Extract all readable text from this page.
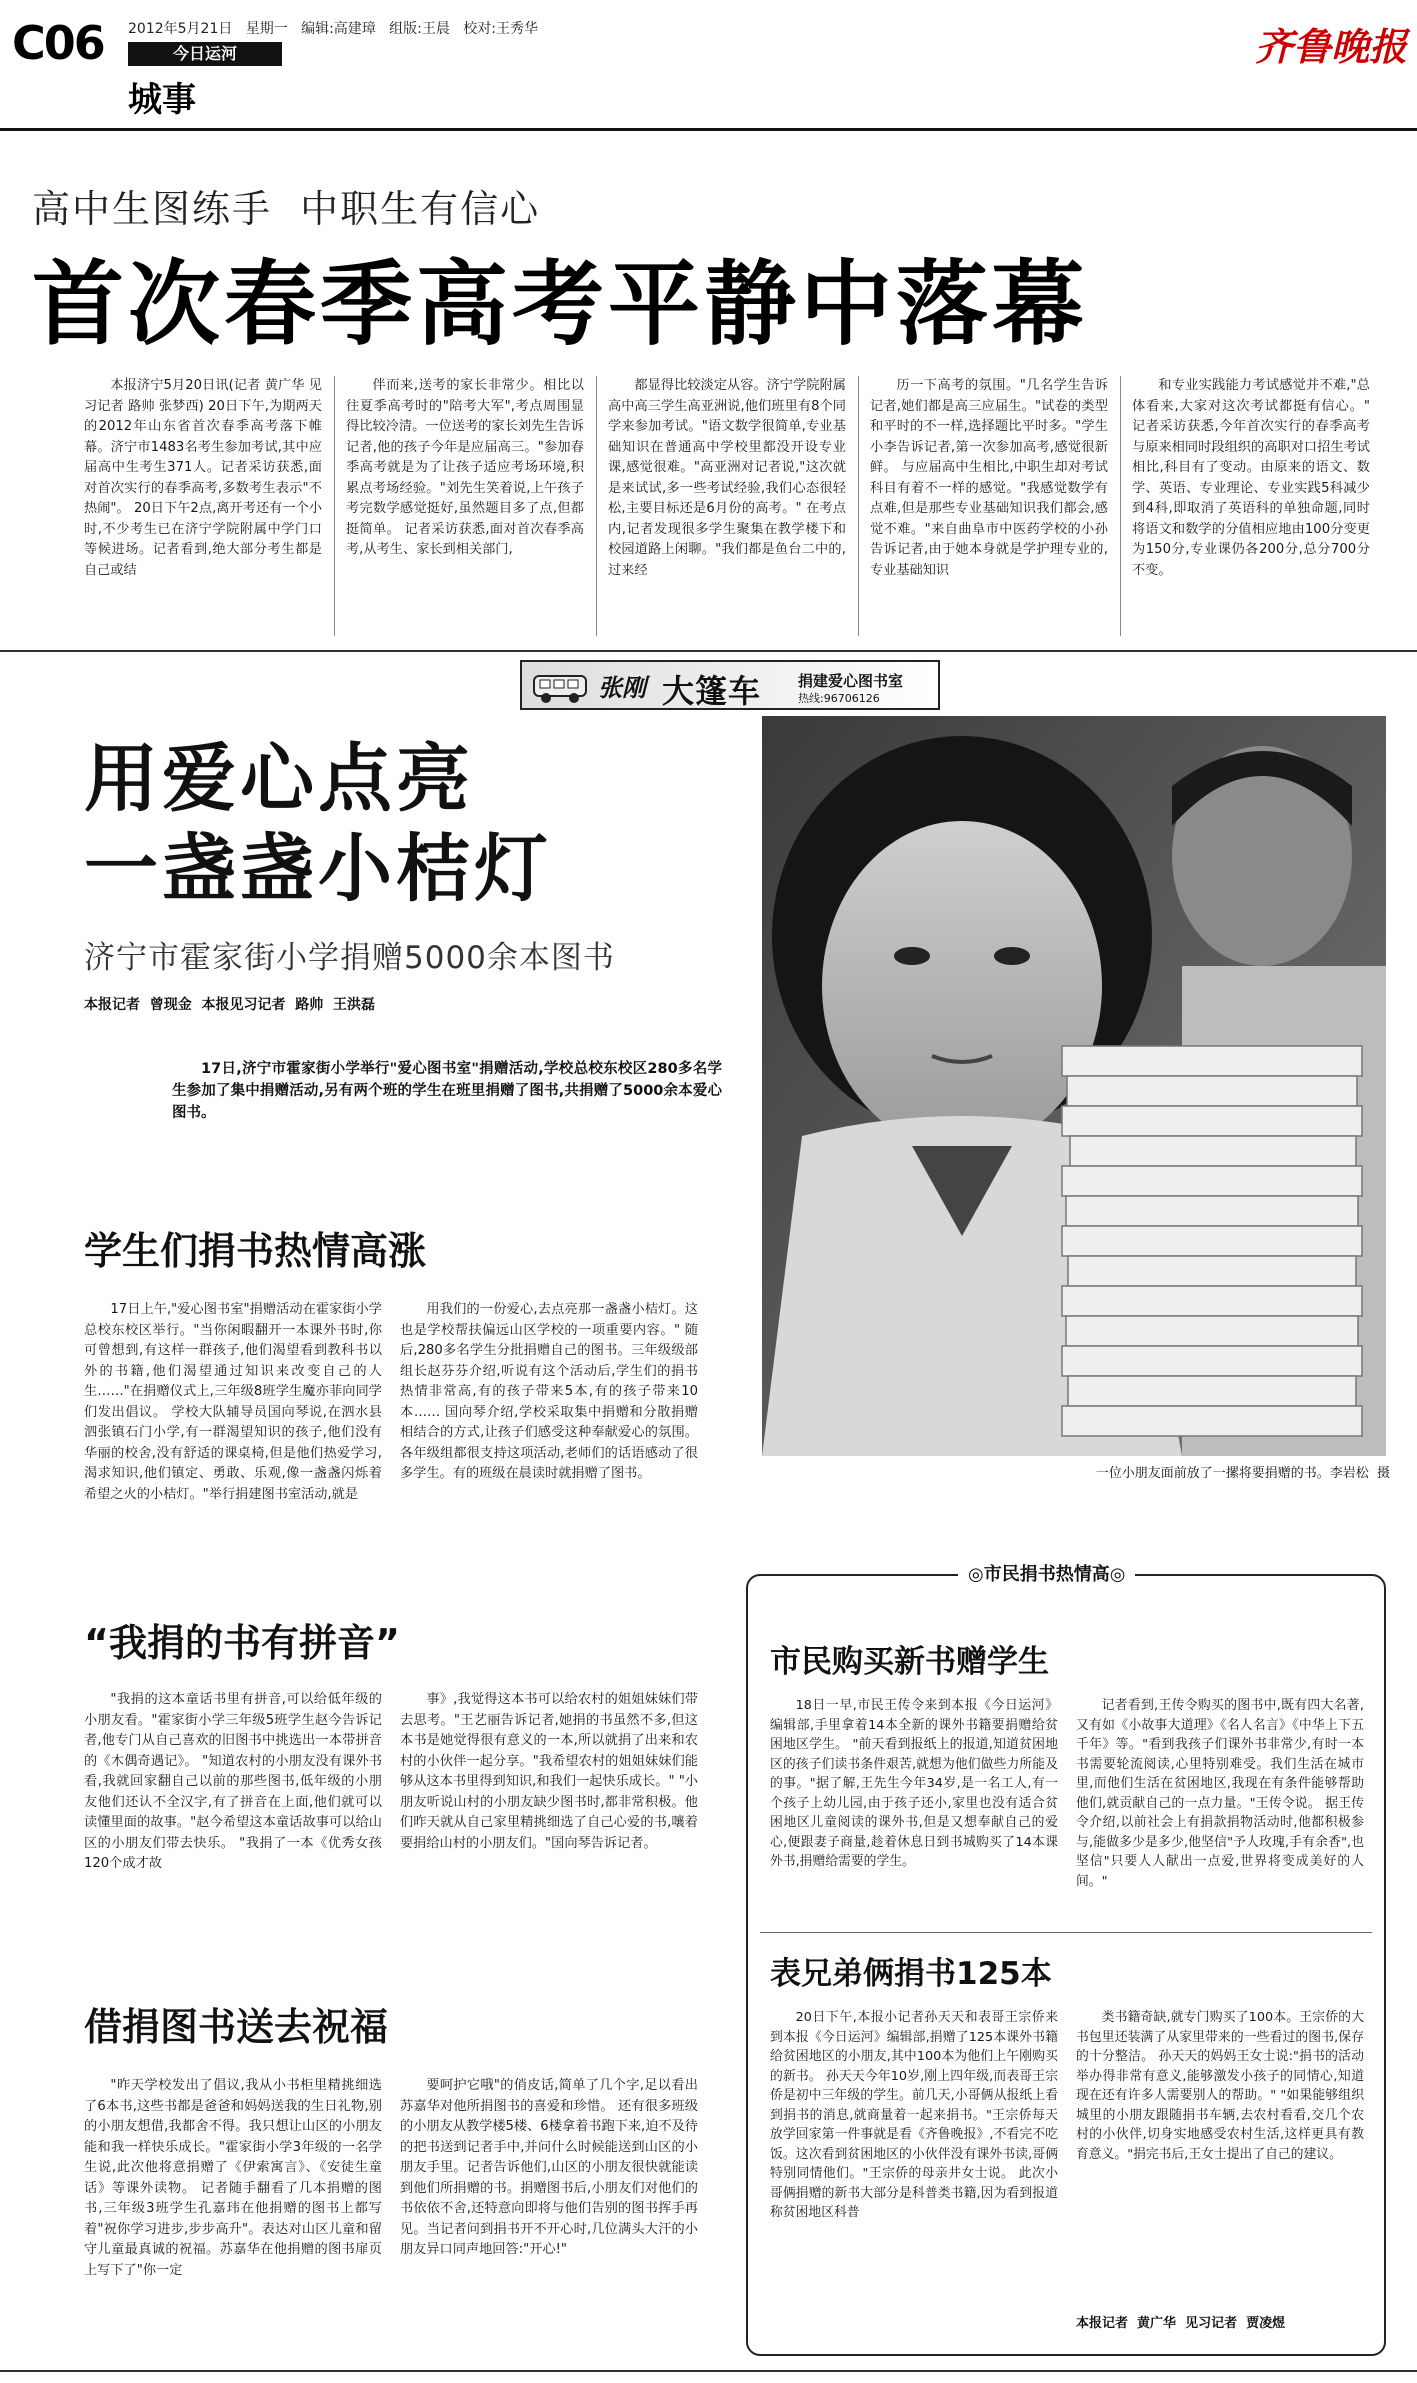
C06 2012年5月21日 星期一 编辑:高建璋 组版:王晨 校对:王秀华
今日运河
城事
齐鲁晚报
高中生图练手  中职生有信心
首次春季高考平静中落幕
本报济宁5月20日讯(记者 黄广华 见习记者 路帅 张梦西) 20日下午,为期两天的2012年山东省首次春季高考落下帷幕。济宁市1483名考生参加考试,其中应届高中生考生371人。记者采访获悉,面对首次实行的春季高考,多数考生表示"不热闹"。 20日下午2点,离开考还有一个小时,不少考生已在济宁学院附属中学门口等候进场。记者看到,绝大部分考生都是自己或结
伴而来,送考的家长非常少。相比以往夏季高考时的"陪考大军",考点周围显得比较冷清。一位送考的家长刘先生告诉记者,他的孩子今年是应届高三。"参加春季高考就是为了让孩子适应考场环境,积累点考场经验。"刘先生笑着说,上午孩子考完数学感觉挺好,虽然题目多了点,但都挺简单。 记者采访获悉,面对首次春季高考,从考生、家长到相关部门,
都显得比较淡定从容。济宁学院附属高中高三学生高亚洲说,他们班里有8个同学来参加考试。"语文数学很简单,专业基础知识在普通高中学校里都没开设专业课,感觉很难。"高亚洲对记者说,"这次就是来试试,多一些考试经验,我们心态很轻松,主要目标还是6月份的高考。" 在考点内,记者发现很多学生聚集在教学楼下和校园道路上闲聊。"我们都是鱼台二中的,过来经
历一下高考的氛围。"几名学生告诉记者,她们都是高三应届生。"试卷的类型和平时的不一样,选择题比平时多。"学生小李告诉记者,第一次参加高考,感觉很新鲜。 与应届高中生相比,中职生却对考试科目有着不一样的感觉。"我感觉数学有点难,但是那些专业基础知识我们都会,感觉不难。"来自曲阜市中医药学校的小孙告诉记者,由于她本身就是学护理专业的,专业基础知识
和专业实践能力考试感觉并不难,"总体看来,大家对这次考试都挺有信心。" 记者采访获悉,今年首次实行的春季高考与原来相同时段组织的高职对口招生考试相比,科目有了变动。由原来的语文、数学、英语、专业理论、专业实践5科减少到4科,即取消了英语科的单独命题,同时将语文和数学的分值相应地由100分变更为150分,专业课仍各200分,总分700分不变。
张刚 大篷车 捐建爱心图书室
热线:96706126
一位小朋友面前放了一摞将要捐赠的书。李岩松  摄
用爱心点亮
一盏盏小桔灯
济宁市霍家街小学捐赠5000余本图书
本报记者  曾现金  本报见习记者  路帅  王洪磊
17日,济宁市霍家街小学举行"爱心图书室"捐赠活动,学校总校东校区280多名学生参加了集中捐赠活动,另有两个班的学生在班里捐赠了图书,共捐赠了5000余本爱心图书。
学生们捐书热情高涨
17日上午,"爱心图书室"捐赠活动在霍家街小学总校东校区举行。"当你闲暇翻开一本课外书时,你可曾想到,有这样一群孩子,他们渴望看到教科书以外的书籍,他们渴望通过知识来改变自己的人生……"在捐赠仪式上,三年级8班学生魔亦菲向同学们发出倡议。 学校大队辅导员国向琴说,在泗水县泗张镇石门小学,有一群渴望知识的孩子,他们没有华丽的校舍,没有舒适的课桌椅,但是他们热爱学习,渴求知识,他们镇定、勇敢、乐观,像一盏盏闪烁着希望之火的小桔灯。"举行捐建图书室活动,就是
用我们的一份爱心,去点亮那一盏盏小桔灯。这也是学校帮扶偏远山区学校的一项重要内容。" 随后,280多名学生分批捐赠自己的图书。三年级级部组长赵芬芬介绍,听说有这个活动后,学生们的捐书热情非常高,有的孩子带来5本,有的孩子带来10本…… 国向琴介绍,学校采取集中捐赠和分散捐赠相结合的方式,让孩子们感受这种奉献爱心的氛围。各年级组都很支持这项活动,老师们的话语感动了很多学生。有的班级在晨读时就捐赠了图书。
“我捐的书有拼音”
"我捐的这本童话书里有拼音,可以给低年级的小朋友看。"霍家街小学三年级5班学生赵今告诉记者,他专门从自己喜欢的旧图书中挑选出一本带拼音的《木偶奇遇记》。 "知道农村的小朋友没有课外书看,我就回家翻自己以前的那些图书,低年级的小朋友他们还认不全汉字,有了拼音在上面,他们就可以读懂里面的故事。"赵今希望这本童话故事可以给山区的小朋友们带去快乐。 "我捐了一本《优秀女孩120个成才故
事》,我觉得这本书可以给农村的姐姐妹妹们带去思考。"王艺丽告诉记者,她捐的书虽然不多,但这本书是她觉得很有意义的一本,所以就捐了出来和农村的小伙伴一起分享。"我希望农村的姐姐妹妹们能够从这本书里得到知识,和我们一起快乐成长。" "小朋友听说山村的小朋友缺少图书时,都非常积极。他们昨天就从自己家里精挑细选了自己心爱的书,嚷着要捐给山村的小朋友们。"国向琴告诉记者。
借捐图书送去祝福
"昨天学校发出了倡议,我从小书柜里精挑细选了6本书,这些书都是爸爸和妈妈送我的生日礼物,别的小朋友想借,我都舍不得。我只想让山区的小朋友能和我一样快乐成长。"霍家街小学3年级的一名学生说,此次他将意捐赠了《伊索寓言》、《安徒生童话》等课外读物。 记者随手翻看了几本捐赠的图书,三年级3班学生孔嘉玮在他捐赠的图书上都写着"祝你学习进步,步步高升"。表达对山区儿童和留守儿童最真诚的祝福。苏嘉华在他捐赠的图书扉页上写下了"你一定
要呵护它哦"的俏皮话,简单了几个字,足以看出苏嘉华对他所捐图书的喜爱和珍惜。 还有很多班级的小朋友从教学楼5楼、6楼拿着书跑下来,迫不及待的把书送到记者手中,并问什么时候能送到山区的小朋友手里。记者告诉他们,山区的小朋友很快就能读到他们所捐赠的书。捐赠图书后,小朋友们对他们的书依依不舍,还特意向即将与他们告别的图书挥手再见。当记者问到捐书开不开心时,几位满头大汗的小朋友异口同声地回答:"开心!"
◎市民捐书热情高◎
市民购买新书赠学生
18日一早,市民王传令来到本报《今日运河》编辑部,手里拿着14本全新的课外书籍要捐赠给贫困地区学生。 "前天看到报纸上的报道,知道贫困地区的孩子们读书条件艰苦,就想为他们做些力所能及的事。"据了解,王先生今年34岁,是一名工人,有一个孩子上幼儿园,由于孩子还小,家里也没有适合贫困地区儿童阅读的课外书,但是又想奉献自己的爱心,便跟妻子商量,趁着休息日到书城购买了14本课外书,捐赠给需要的学生。
记者看到,王传令购买的图书中,既有四大名著,又有如《小故事大道理》《名人名言》《中华上下五千年》等。"看到我孩子们课外书非常少,有时一本书需要轮流阅读,心里特别难受。我们生活在城市里,而他们生活在贫困地区,我现在有条件能够帮助他们,就贡献自己的一点力量。"王传令说。 据王传令介绍,以前社会上有捐款捐物活动时,他都积极参与,能做多少是多少,他坚信"予人玫瑰,手有余香",也坚信"只要人人献出一点爱,世界将变成美好的人间。"
表兄弟俩捐书125本
20日下午,本报小记者孙天天和表哥王宗侨来到本报《今日运河》编辑部,捐赠了125本课外书籍给贫困地区的小朋友,其中100本为他们上午刚购买的新书。 孙天天今年10岁,刚上四年级,而表哥王宗侨是初中三年级的学生。前几天,小哥俩从报纸上看到捐书的消息,就商量着一起来捐书。"王宗侨每天放学回家第一件事就是看《齐鲁晚报》,不看完不吃饭。这次看到贫困地区的小伙伴没有课外书读,哥俩特别同情他们。"王宗侨的母亲井女士说。 此次小哥俩捐赠的新书大部分是科普类书籍,因为看到报道称贫困地区科普
类书籍奇缺,就专门购买了100本。王宗侨的大书包里还装满了从家里带来的一些看过的图书,保存的十分整洁。 孙天天的妈妈王女士说:"捐书的活动举办得非常有意义,能够激发小孩子的同情心,知道现在还有许多人需要别人的帮助。" "如果能够组织城里的小朋友跟随捐书车辆,去农村看看,交几个农村的小伙伴,切身实地感受农村生活,这样更具有教育意义。"捐完书后,王女士提出了自己的建议。
本报记者  黄广华  见习记者  贾凌煜
